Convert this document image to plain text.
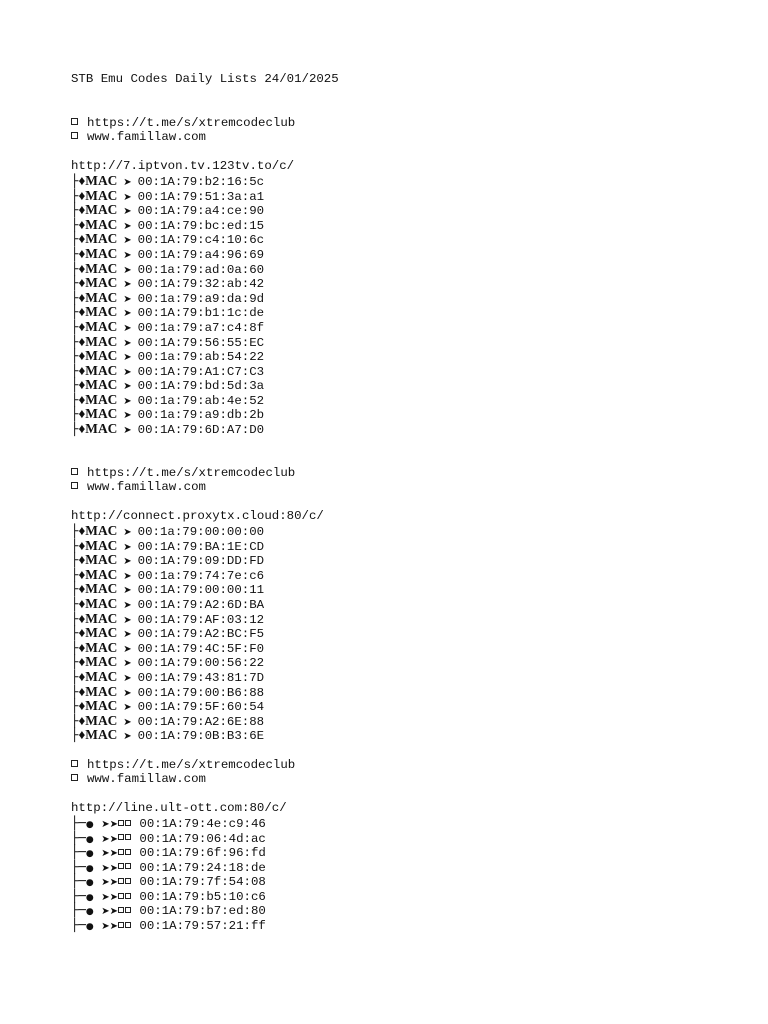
STB Emu Codes Daily Lists 24/01/2025
https://t.me/s/xtremcodeclub
www.famillaw.com
http://7.iptvon.tv.123tv.to/c/
├♦MAC ➤ 00:1A:79:b2:16:5c
├♦MAC ➤ 00:1A:79:51:3a:a1
├♦MAC ➤ 00:1A:79:a4:ce:90
├♦MAC ➤ 00:1A:79:bc:ed:15
├♦MAC ➤ 00:1A:79:c4:10:6c
├♦MAC ➤ 00:1A:79:a4:96:69
├♦MAC ➤ 00:1a:79:ad:0a:60
├♦MAC ➤ 00:1A:79:32:ab:42
├♦MAC ➤ 00:1a:79:a9:da:9d
├♦MAC ➤ 00:1A:79:b1:1c:de
├♦MAC ➤ 00:1a:79:a7:c4:8f
├♦MAC ➤ 00:1A:79:56:55:EC
├♦MAC ➤ 00:1a:79:ab:54:22
├♦MAC ➤ 00:1A:79:A1:C7:C3
├♦MAC ➤ 00:1A:79:bd:5d:3a
├♦MAC ➤ 00:1a:79:ab:4e:52
├♦MAC ➤ 00:1a:79:a9:db:2b
├♦MAC ➤ 00:1A:79:6D:A7:D0
https://t.me/s/xtremcodeclub
www.famillaw.com
http://connect.proxytx.cloud:80/c/
├♦MAC ➤ 00:1a:79:00:00:00
├♦MAC ➤ 00:1A:79:BA:1E:CD
├♦MAC ➤ 00:1A:79:09:DD:FD
├♦MAC ➤ 00:1a:79:74:7e:c6
├♦MAC ➤ 00:1A:79:00:00:11
├♦MAC ➤ 00:1A:79:A2:6D:BA
├♦MAC ➤ 00:1A:79:AF:03:12
├♦MAC ➤ 00:1A:79:A2:BC:F5
├♦MAC ➤ 00:1A:79:4C:5F:F0
├♦MAC ➤ 00:1A:79:00:56:22
├♦MAC ➤ 00:1A:79:43:81:7D
├♦MAC ➤ 00:1A:79:00:B6:88
├♦MAC ➤ 00:1A:79:5F:60:54
├♦MAC ➤ 00:1A:79:A2:6E:88
├♦MAC ➤ 00:1A:79:0B:B3:6E
https://t.me/s/xtremcodeclub
www.famillaw.com
http://line.ult-ott.com:80/c/
├─● ➤➤ 00:1A:79:4e:c9:46
├─● ➤➤ 00:1A:79:06:4d:ac
├─● ➤➤ 00:1A:79:6f:96:fd
├─● ➤➤ 00:1A:79:24:18:de
├─● ➤➤ 00:1A:79:7f:54:08
├─● ➤➤ 00:1A:79:b5:10:c6
├─● ➤➤ 00:1A:79:b7:ed:80
├─● ➤➤ 00:1A:79:57:21:ff
